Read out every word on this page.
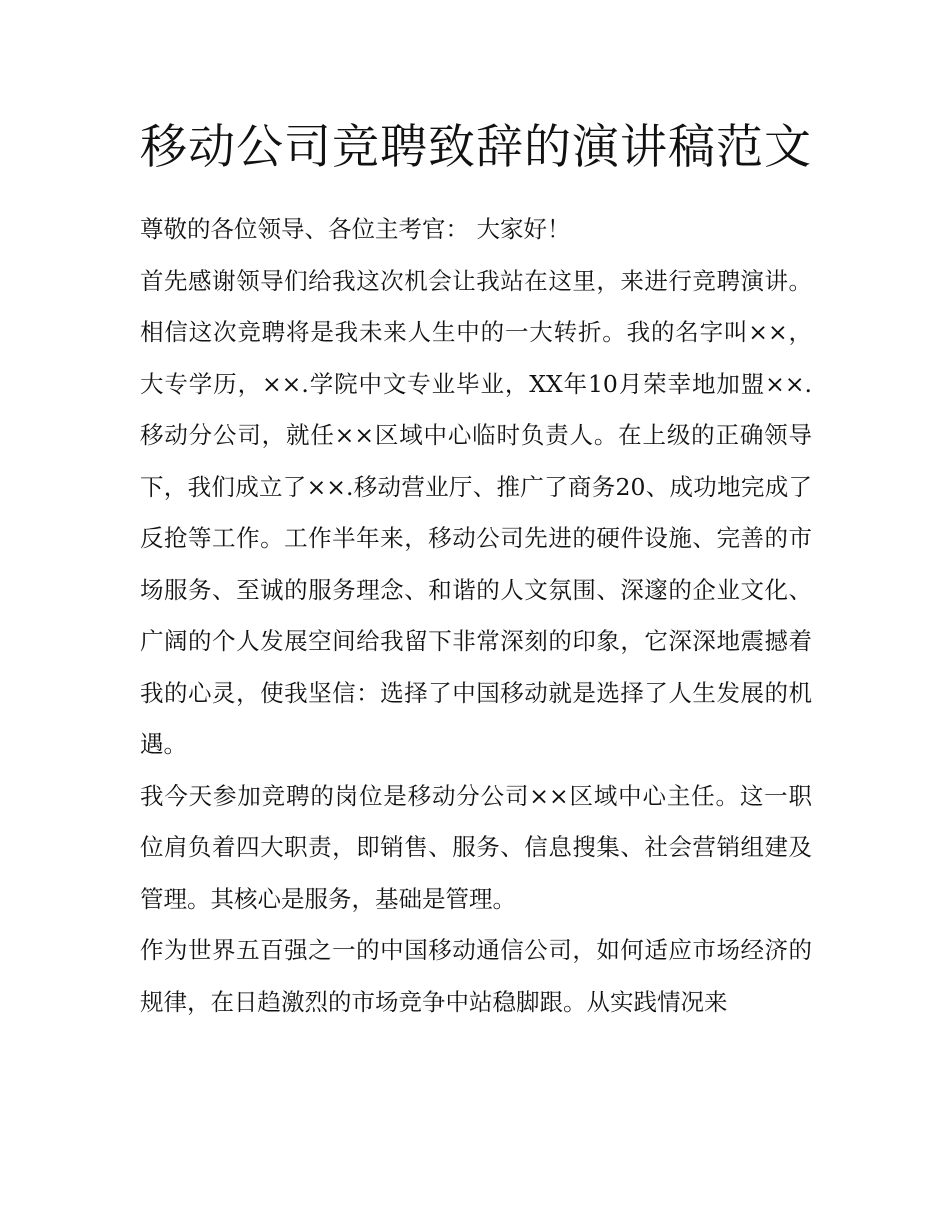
移动公司竞聘致辞的演讲稿范文

尊敬的各位领导、各位主考官： 大家好！

首先感谢领导们给我这次机会让我站在这里，来进行竞聘演讲。相信这次竞聘将是我未来人生中的一大转折。我的名字叫××，大专学历，××.学院中文专业毕业，XX年10月荣幸地加盟××.移动分公司，就任××区域中心临时负责人。在上级的正确领导下，我们成立了××.移动营业厅、推广了商务20、成功地完成了反抢等工作。工作半年来，移动公司先进的硬件设施、完善的市场服务、至诚的服务理念、和谐的人文氛围、深邃的企业文化、广阔的个人发展空间给我留下非常深刻的印象，它深深地震撼着我的心灵，使我坚信：选择了中国移动就是选择了人生发展的机遇。

我今天参加竞聘的岗位是移动分公司××区域中心主任。这一职位肩负着四大职责，即销售、服务、信息搜集、社会营销组建及管理。其核心是服务，基础是管理。

作为世界五百强之一的中国移动通信公司，如何适应市场经济的规律，在日趋激烈的市场竞争中站稳脚跟。从实践情况来
